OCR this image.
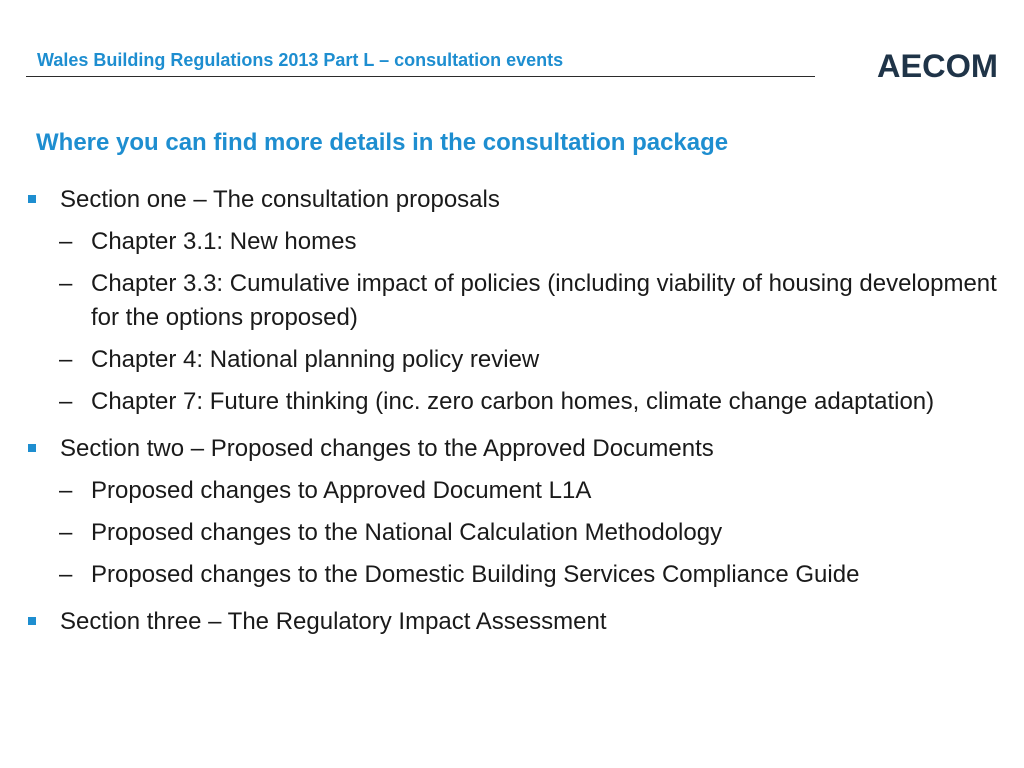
Wales Building Regulations 2013 Part L – consultation events	AECOM
Where you can find more details in the consultation package
Section one – The consultation proposals
– Chapter 3.1: New homes
– Chapter 3.3: Cumulative impact of policies (including viability of housing development for the options proposed)
– Chapter 4: National planning policy review
– Chapter 7: Future thinking (inc. zero carbon homes, climate change adaptation)
Section two – Proposed changes to the Approved Documents
– Proposed changes to Approved Document L1A
– Proposed changes to the National Calculation Methodology
– Proposed changes to the Domestic Building Services Compliance Guide
Section three – The Regulatory Impact Assessment
